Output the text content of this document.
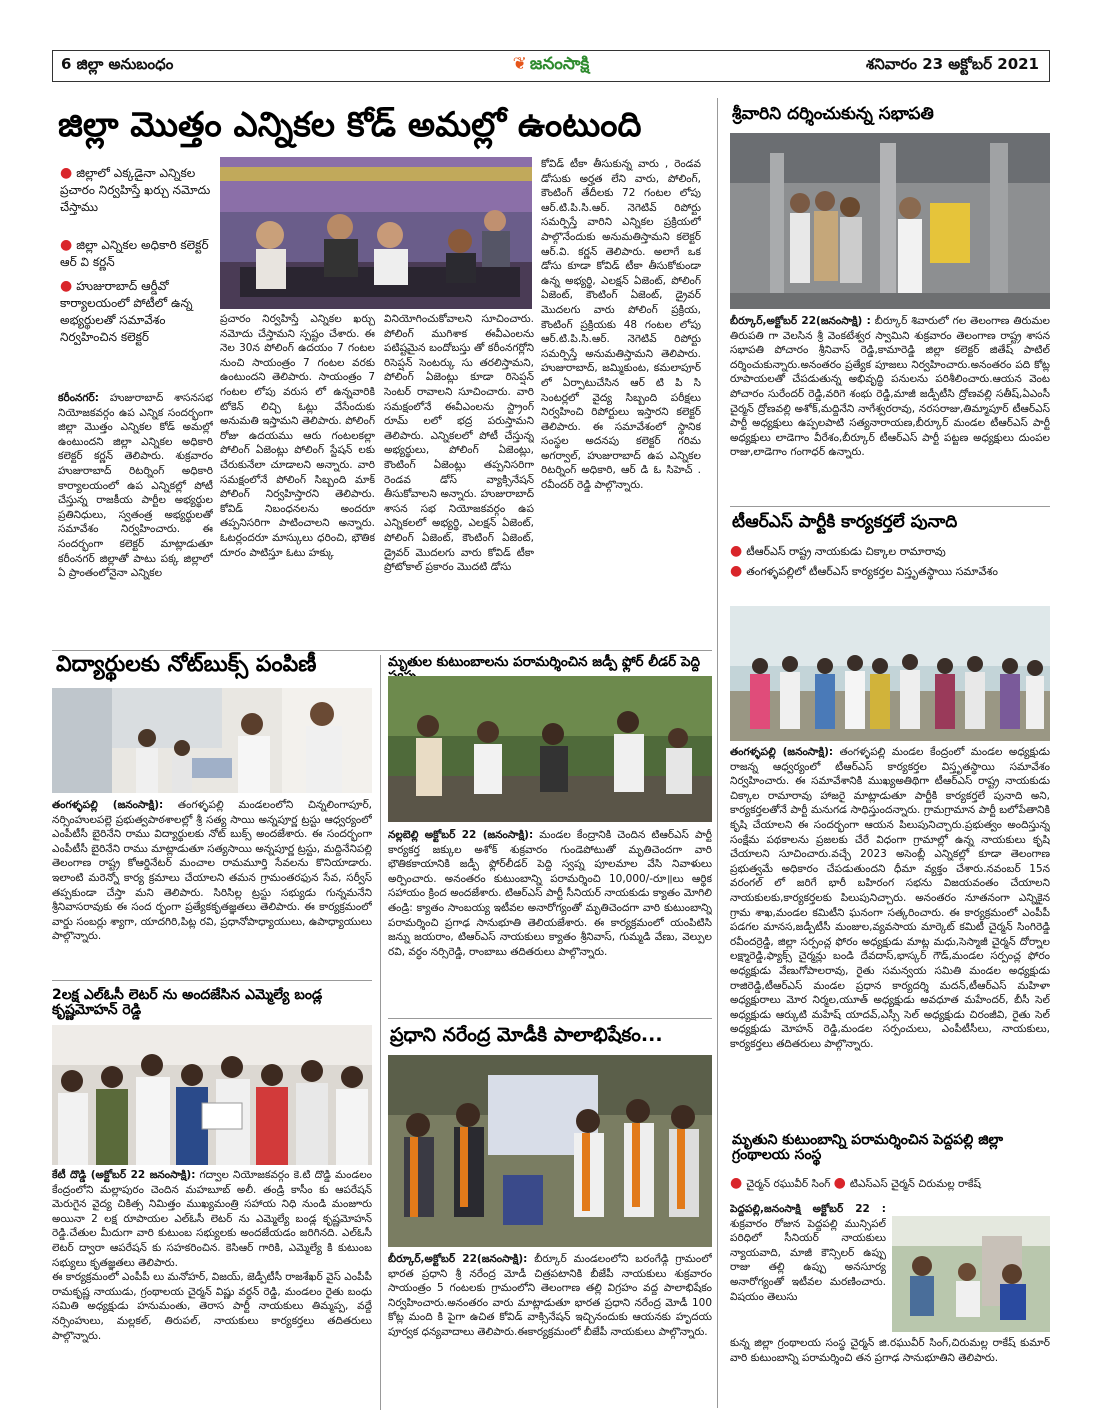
6 జిల్లా అనుబంధం	❦ జనంసాక్షి	శనివారం 23 అక్టోబర్ 2021
జిల్లా మొత్తం ఎన్నికల కోడ్ అమల్లో ఉంటుంది
● జిల్లాలో ఎక్కడైనా ఎన్నికల ప్రచారం నిర్వహిస్తే ఖర్చు నమోదు చేస్తాము
● జిల్లా ఎన్నికల అధికారి కలెక్టర్ ఆర్ వి కర్ణన్
● హుజురాబాద్ ఆర్డీవో కార్యాలయంలో పోటీలో ఉన్న అభ్యర్థులతో సమావేశం నిర్వహించిన కలెక్టర్
కరీంనగర్: హుజురాబాద్ శాసనసభ నియోజకవర్గం ఉప ఎన్నిక సందర్భంగా జిల్లా మొత్తం ఎన్నికల కోడ్ అమల్లో ఉంటుందని జిల్లా ఎన్నికల అధికారి కలెక్టర్ కర్ణన్ తెలిపారు. శుక్రవారం హుజురాబాద్ రిటర్నింగ్ అధికారి కార్యాలయంలో ఉప ఎన్నికల్లో పోటీ చేస్తున్న రాజకీయ పార్టీల అభ్యర్థుల ప్రతినిధులు, స్వతంత్ర అభ్యర్థులతో సమావేశం నిర్వహించారు. ఈ సందర్భంగా కలెక్టర్ మాట్లాడుతూ కరీంనగర్ జిల్లాతో పాటు పక్క జిల్లాలో ఏ ప్రాంతంలోనైనా ఎన్నికల
ప్రచారం నిర్వహిస్తే ఎన్నికల ఖర్చు నమోదు చేస్తామని స్పష్టం చేశారు. ఈ నెల 30న పోలింగ్ ఉదయం 7 గంటల నుంచి సాయంత్రం 7 గంటల వరకు ఉంటుందని తెలిపారు. సాయంత్రం 7 గంటల లోపు వరుస లో ఉన్నవారికి టోకెన్ లిచ్చి ఓట్లు వేసేందుకు అనుమతి ఇస్తామని తెలిపారు. పోలింగ్ రోజు ఉదయము ఆరు గంటలకల్లా పోలింగ్ ఏజెంట్లు పోలింగ్ స్టేషన్ లకు చేరుకునేలా చూడాలని అన్నారు. వారి సమక్షంలోనే పోలింగ్ సిబ్బంది మాక్ పోలింగ్ నిర్వహిస్తారని తెలిపారు. కోవిడ్ నిబంధనలను అందరూ తప్పనిసరిగా పాటించాలని అన్నారు. ఓటర్లందరూ మాస్కులు ధరించి, భౌతిక దూరం పాటిస్తూ ఓటు హక్కు
వినియోగించుకోవాలని సూచించారు. పోలింగ్ ముగిశాక ఈవీఎంలను పటిష్టమైన బందోబస్తు తో కరీంనగర్లోని రిసెప్షన్ సెంటర్కు సు తరలిస్తామని, పోలింగ్ ఏజెంట్లు కూడా రిసెప్షన్ సెంటర్ రావాలని సూచించారు. వారి సమక్షంలోనే ఈవీఎంలను స్ట్రాంగ్ రూమ్ లలో భద్ర పరుస్తామని తెలిపారు. ఎన్నికలలో పోటీ చేస్తున్న అభ్యర్థులు, పోలింగ్ ఏజెంట్లు, కౌంటింగ్ ఏజెంట్లు తప్పనిసరిగా రెండవ డోస్ వ్యాక్సినేషన్ తీసుకోవాలని అన్నారు. హుజురాబాద్ శాసన సభ నియోజకవర్గం ఉప ఎన్నికలలో అభ్యర్థి, ఎలక్షన్ ఏజెంట్, పోలింగ్ ఏజెంట్, కౌంటింగ్ ఏజెంట్, డ్రైవర్ మొదలగు వారు కోవిడ్ టీకా ప్రోటోకాల్ ప్రకారం మొదటి డోసు
కోవిడ్ టీకా తీసుకున్న వారు , రెండవ డోసుకు అర్హత లేని వారు, పోలింగ్, కౌంటింగ్ తేదీలకు 72 గంటల లోపు ఆర్.టి.పి.సి.ఆర్. నెగెటివ్ రిపోర్టు సమర్పిస్తే వారిని ఎన్నికల ప్రక్రియలో పాల్గొనేందుకు అనుమతిస్తామని కలెక్టర్ ఆర్.వి. కర్ణన్ తెలిపారు. అలాగే ఒక డోసు కూడా కోవిడ్ టీకా తీసుకోకుండా ఉన్న అభ్యర్థి, ఎలక్షన్ ఏజెంట్, పోలింగ్ ఏజెంట్, కౌంటింగ్ ఏజెంట్, డ్రైవర్ మొదలగు వారు పోలింగ్ ప్రక్రియ, కౌంటింగ్ ప్రక్రియకు 48 గంటల లోపు ఆర్.టి.పి.సి.ఆర్. నెగెటివ్ రిపోర్టు సమర్పిస్తే అనుమతిస్తామని తెలిపారు. హుజురాబాద్, జమ్మికుంట, కమలాపూర్ లో ఏర్పాటుచేసిన ఆర్ టి పి సి సెంటర్లలో వైద్య సిబ్బంది పరీక్షలు నిర్వహించి రిపోర్టులు ఇస్తారని కలెక్టర్ తెలిపారు. ఈ సమావేశంలో స్థానిక సంస్థల అదనపు కలెక్టర్ గరిమ అగర్వాల్, హుజురాబాద్ ఉప ఎన్నికల రిటర్నింగ్ అధికారి, ఆర్ డి ఓ సిహెచ్ . రవీందర్ రెడ్డి పాల్గొన్నారు.
శ్రీవారిని దర్శించుకున్న సభాపతి
బీర్కూర్,అక్టోబర్ 22(జనంసాక్షి) : బీర్కూర్ శివారులో గల తెలంగాణ తిరుమల తిరుపతి గా వెలసిన శ్రీ వెంకటేశ్వర స్వామిని శుక్రవారం తెలంగాణ రాష్ట్ర శాసన సభాపతి పోచారం శ్రీనివాస్ రెడ్డి,కామారెడ్డి జిల్లా కలెక్టర్ జితేష్ పాటిల్ దర్శించుకున్నారు.అనంతరం ప్రత్యేక పూజలు నిర్వహించారు.అనంతరం పది కోట్ల రూపాయలతో చేపడుతున్న అభివృద్ధి పనులను పరిశీలించారు.ఆయన వెంట పోచారం సురేందర్ రెడ్డి,వరిగె శంభు రెడ్డి,మాజీ జడ్పీటీసి ద్రోణవల్లి సతీష్,ఏఎంసీ చైర్మన్ ద్రోణవల్లి అశోక్,మద్దినేని నాగేశ్వరరావు, నరసరాజు,తిమ్మాపూర్ టీఆర్ఎస్ పార్టీ అధ్యక్షులు ఉప్పలపాటి సత్యనారాయణ,బీర్కూర్ మండల టీఆర్ఎస్ పార్టీ అధ్యక్షులు లాడెగాం వీరేశం,బీర్కూర్ టీఆర్ఎస్ పార్టీ పట్టణ అధ్యక్షులు దుంపల రాజు,లాడెగాం గంగాధర్ ఉన్నారు.
టీఆర్ఎస్ పార్టీకి కార్యకర్తలే పునాది
● టీఆర్ఎస్ రాష్ట్ర నాయకుడు చిక్కాల రామారావు
● తంగళ్ళపల్లిలో టీఆర్ఎస్ కార్యకర్తల విస్తృతస్థాయి సమావేశం
తంగళ్ళపల్లి (జనంసాక్షి): తంగళ్ళపల్లి మండల కేంద్రంలో మండల అధ్యక్షుడు రాజన్న ఆధ్వర్యంలో టీఆర్ఎస్ కార్యకర్తల విస్తృతస్థాయి సమావేశం నిర్వహించారు. ఈ సమావేశానికి ముఖ్యఅతిథిగా టీఆర్ఎస్ రాష్ట్ర నాయకుడు చిక్కాల రామారావు హాజరై మాట్లాడుతూ పార్టీకి కార్యకర్తలే పునాది అని, కార్యకర్తలతోనే పార్టీ మనుగడ సాధిస్తుందన్నారు. గ్రామగ్రామాన పార్టీ బలోపేతానికి కృషి చేయాలని ఈ సందర్భంగా ఆయన పిలుపునిచ్చారు.ప్రభుత్వం అందిస్తున్న సంక్షేమ పథకాలను ప్రజలకు చేరే విధంగా గ్రామాల్లో ఉన్న నాయకులు కృషి చేయాలని సూచించారు.వచ్చే 2023 అసెంబ్లీ ఎన్నికల్లో కూడా తెలంగాణ ప్రభుత్వమే అధికారం చేపడుతుందని ధీమా వ్యక్తం చేశారు.నవంబర్ 15న వరంగల్ లో జరిగే భారీ బహిరంగ సభను విజయవంతం చేయాలని నాయకులకు,కార్యకర్తలకు పిలుపునిచ్చారు. అనంతరం నూతనంగా ఎన్నికైన గ్రామ శాఖ,మండల కమిటీని ఘనంగా సత్కరించారు. ఈ కార్యక్రమంలో ఎంపీపీ పడగల మానస,జడ్పీటీసీ మంజుల,వ్యవసాయ మార్కెట్ కమిటీ చైర్మన్ సింగిరెడ్డి రవీందర్రెడ్డి, జిల్లా సర్పంచ్ల ఫోరం అధ్యక్షుడు మాట్ల మధు,సెస్మాజీ చైర్మన్ దోర్నాల లక్ష్మారెడ్డి,ఫ్యాక్స్ చైర్మన్లు బండి దేవదాస్,భాస్కర్ గౌడ్,మండల సర్పంచ్ల ఫోరం అధ్యక్షుడు వేణుగోపాలరావు, రైతు సమన్వయ సమితి మండల అధ్యక్షుడు రాజిరెడ్డి,టీఆర్ఎస్ మండల ప్రధాన కార్యదర్శి మదన్,టీఆర్ఎస్ మహిళా అధ్యక్షురాలు మోర నిర్మల,యూత్ అధ్యక్షుడు అవధూత మహేందర్, బీసీ సెల్ అధ్యక్షుడు ఆర్కుటి మహేష్ యాదవ్,ఎస్సీ సెల్ అధ్యక్షుడు చిరంజీవి, రైతు సెల్ అధ్యక్షుడు మోహన్ రెడ్డి,మండల సర్పంచులు, ఎంపీటీసీలు, నాయకులు, కార్యకర్తలు తదితరులు పాల్గొన్నారు.
మృతుని కుటుంబాన్ని పరామర్శించిన పెద్దపల్లి జిల్లా గ్రంథాలయ సంస్థ
● చైర్మన్ రఘువీర్ సింగ్ ● టిఎస్ఎస్ చైర్మన్ చిరుమల్ల రాకేష్
పెద్దపల్లి,జనంసాక్షి అక్టోబర్ 22 : శుక్రవారం రోజున పెద్దపల్లి మున్సిపల్ పరిధిలో సీనియర్ నాయకులు న్యాయవాది, మాజీ కౌన్సిలర్ ఉప్పు రాజు తల్లి ఉప్పు అనసూర్య అనారోగ్యంతో ఇటీవల మరణించారు. విషయం తెలుసు
కున్న జిల్లా గ్రంథాలయ సంస్థ చైర్మన్ జి.రఘువీర్ సింగ్,చిరుమల్ల రాకేష్ కుమార్ వారి కుటుంబాన్ని పరామర్శించి తన ప్రగాఢ సానుభూతిని తెలిపారు.
విద్యార్థులకు నోట్‌బుక్స్ పంపిణీ
తంగళ్ళపల్లి (జనంసాక్షి): తంగళ్ళపల్లి మండలంలోని చిన్నలింగాపూర్, నర్సింహులపల్లె ప్రభుత్వపాఠశాలల్లో శ్రీ సత్య సాయి అన్నపూర్ణ ట్రస్టు ఆధ్వర్యంలో ఎంపీటీసీ బైరినేని రాము విద్యార్థులకు నోట్ బుక్స్ అందజేశారు. ఈ సందర్భంగా ఎంపీటీసీ బైరినేని రాము మాట్లాడుతూ సత్యసాయి అన్నపూర్ణ ట్రస్టు, మద్దినేనిపల్లి తెలంగాణ రాష్ట్ర కోఆర్డినేటర్ మంచాల రామమూర్తి సేవలను కొనియాడారు. ఇలాంటి మరెన్నో కార్య క్రమాలు చేయాలని తమన గ్రామంతరఫున సేవ, సర్వీస్ తప్పకుండా చేస్తా మని తెలిపారు. సిరిసిల్ల ట్రస్టు సభ్యుడు గున్నమనేని శ్రీనివాసరావుకు ఈ సంద ర్భంగా ప్రత్యేకకృతజ్ఞతలు తెలిపారు. ఈ కార్యక్రమంలో వార్డు సంబర్లు శ్యాగా, యాదగిరి,పిట్ల రవి, ప్రధానోపాధ్యాయులు, ఉపాధ్యాయులు పాల్గొన్నారు.
2లక్ష ఎల్ఓసీ లెటర్ ను అందజేసిన ఎమ్మెల్యే బండ్ల కృష్ణమోహన్ రెడ్డి
కేటీ దొడ్డి (అక్టోబర్ 22 జనంసాక్షి): గద్వాల నియోజకవర్గం కె.టి దొడ్డి మండలం కేంద్రంలోని మల్లాపురం చెందిన మహబూబ్ అలీ. తండ్రి కాసీం కు ఆపరేషన్ మెరుగైన వైద్య చికిత్స నిమిత్తం ముఖ్యమంత్రి సహాయ నిధి నుండి మంజూరు అయినా 2 లక్ష రూపాయల ఎల్ఓసీ లెటర్ ను ఎమ్మెల్యే బండ్ల కృష్ణమోహన్ రెడ్డి.చేతుల మీదుగా వారి కుటుంబ సభ్యులకు అందజేయడం జరిగినది. ఎల్ఓసీ లెటర్ ద్వారా ఆపరేషన్ కు సహకరించిన. కెసిఆర్ గారికి, ఎమ్మెల్యే కి కుటుంబ సభ్యులు కృతజ్ఞతలు తెలిపారు.
ఈ కార్యక్రమంలో ఎంపీపీ లు మనోహర్, విజయ్, జెడ్పీటీసీ రాజశేఖర్ వైస్ ఎంపీపీ రామకృష్ణ నాయుడు, గ్రంథాలయ చైర్మన్ విష్ణు వర్ధన్ రెడ్డి, మండలం రైతు బంధు సమితి అధ్యక్షుడు హనుమంతు, తెరాస పార్టీ నాయకులు తిమ్మప్ప, వద్దే నర్సింహులు, మల్లకల్, తిరుపల్, నాయకులు కార్యకర్తలు తదితరులు పాల్గొన్నారు.
మృతుల కుటుంబాలను పరామర్శించిన జడ్పీ ఫ్లోర్ లీడర్ పెద్ది
నల్లబెల్లి అక్టోబర్ 22 (జనంసాక్షి): మండల కేంద్రానికి చెందిన టిఆర్ఎస్ పార్టీ కార్యకర్త జక్కుల అశోక్ శుక్రవారం గుండెపోటుతో మృతిచెందగా వారి భౌతికకాయానికి జడ్పీ ఫ్లోర్‌లీడర్ పెద్ది స్వప్న పూలమాల వేసి నివాళులు అర్పించారు. అనంతరం కుటుంబాన్ని పరామర్శించి 10,000/-రూ॥లు ఆర్థిక సహాయం క్రింద అందజేశారు. టిఆర్ఎస్ పార్టీ సీనియర్ నాయకుడు క్యాతం మోగిలి తండ్రి: క్యాతం సాంబయ్య ఇటీవల అనారోగ్యంతో మృతిచెందగా వారి కుటుంబాన్ని పరామర్శించి ప్రగాఢ సానుభూతి తెలియజేశారు. ఈ కార్యక్రమంలో యంపిటిసి జన్ను జయరాం, టిఆర్ఎస్ నాయకులు క్యాతం శ్రీనివాస్, గుమ్మడి వేణు, వెల్పుల రవి, వర్ధం నర్సిరెడ్డి, రాంబాబు తదితరులు పాల్గొన్నారు.
ప్రధాని నరేంద్ర మోడీకి పాలాభిషేకం...
బీర్కూర్,అక్టోబర్ 22(జనంసాక్షి): బీర్కూర్ మండలంలోని బరంగేడ్గి గ్రామంలో భారత ప్రధాని శ్రీ నరేంద్ర మోడీ చిత్రపటానికి బీజేపీ నాయకులు శుక్రవారం సాయంత్రం 5 గంటలకు గ్రామంలోని తెలంగాణ తల్లి విగ్రహం వద్ద పాలాభిషేకం నిర్వహించారు.అనంతరం వారు మాట్లాడుతూ భారత ప్రధాని నరేంద్ర మోడీ 100 కోట్ల మంది కి పైగా ఉచిత కోవిడ్ వాక్సినేషన్ ఇచ్చినందుకు ఆయనకు హృదయ పూర్వక ధన్యవాదాలు తెలిపారు.ఈకార్యక్రమంలో బీజేపీ నాయకులు పాల్గొన్నారు.
